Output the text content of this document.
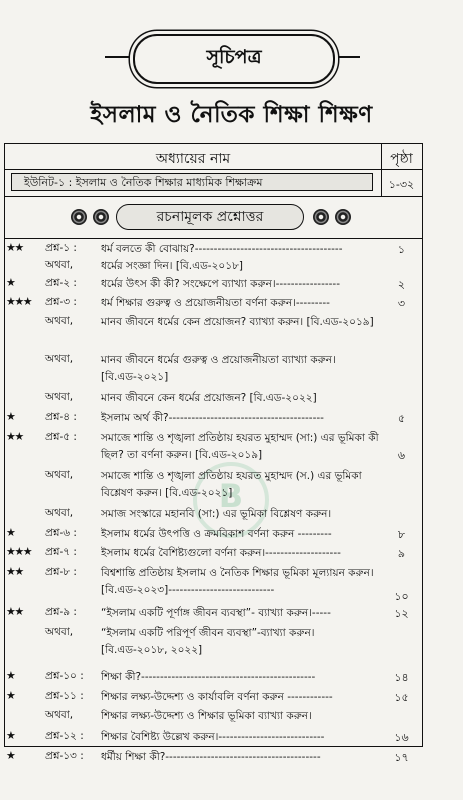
সূচিপত্র
ইসলাম ও নৈতিক শিক্ষা শিক্ষণ
অধ্যায়ের নাম	পৃষ্ঠা
ইউনিট-১ : ইসলাম ও নৈতিক শিক্ষার মাধ্যমিক শিক্ষাক্রম	১-৩২
রচনামূলক প্রশ্নোত্তর
B
★★ প্রশ্ন-১ : ধর্ম বলতে কী বোঝায়?---------------------------------------	১
অথবা,	ধর্মের সংজ্ঞা দিন। [বি.এড-২০১৮]
★	প্রশ্ন-২ : ধর্মের উৎস কী কী? সংক্ষেপে ব্যাখ্যা করুন।-----------------	২
★★★ প্রশ্ন-৩ : ধর্ম শিক্ষার গুরুত্ব ও প্রয়োজনীয়তা বর্ণনা করুন।---------	৩
অথবা,	মানব জীবনে ধর্মের কেন প্রয়োজন? ব্যাখ্যা করুন। [বি.এড-২০১৯]
অথবা,	মানব জীবনে ধর্মের গুরুত্ব ও প্রয়োজনীয়তা ব্যাখ্যা করুন। [বি.এড-২০২১]
অথবা,	মানব জীবনে কেন ধর্মের প্রয়োজন? [বি.এড-২০২২]
★	প্রশ্ন-৪ : ইসলাম অর্থ কী?-----------------------------------------	৫
★★ প্রশ্ন-৫ : সমাজে শান্তি ও শৃঙ্খলা প্রতিষ্ঠায় হযরত মুহাম্মদ (সা:) এর ভূমিকা কী ছিল? তা বর্ণনা করুন। [বি.এড-২০১৯]	৬
অথবা,	সমাজে শান্তি ও শৃঙ্খলা প্রতিষ্ঠায় হযরত মুহাম্মদ (স.) এর ভূমিকা বিশ্লেষণ করুন। [বি.এড-২০২১]
অথবা,	সমাজ সংস্কারে মহানবি (সা:) এর ভূমিকা বিশ্লেষণ করুন।
★	প্রশ্ন-৬ : ইসলাম ধর্মের উৎপত্তি ও ক্রমবিকাশ বর্ণনা করুন ---------	৮
★★★ প্রশ্ন-৭ : ইসলাম ধর্মের বৈশিষ্ট্যগুলো বর্ণনা করুন।--------------------	৯
★★ প্রশ্ন-৮ : বিশ্বশান্তি প্রতিষ্ঠায় ইসলাম ও নৈতিক শিক্ষার ভূমিকা মূল্যায়ন করুন। [বি.এড-২০২৩]----------------------------	১০
★★ প্রশ্ন-৯ : “ইসলাম একটি পূর্ণাঙ্গ জীবন ব্যবস্থা”- ব্যাখ্যা করুন।-----	১২
অথবা,	“ইসলাম একটি পরিপূর্ণ জীবন ব্যবস্থা”-ব্যাখ্যা করুন। [বি.এড-২০১৮, ২০২২]
★	প্রশ্ন-১০ : শিক্ষা কী?----------------------------------------------	১৪
★	প্রশ্ন-১১ : শিক্ষার লক্ষ্য-উদ্দেশ্য ও কার্যাবলি বর্ণনা করুন ------------	১৫
অথবা,	শিক্ষার লক্ষ্য-উদ্দেশ্য ও শিক্ষার ভূমিকা ব্যাখ্যা করুন।
★	প্রশ্ন-১২ : শিক্ষার বৈশিষ্ট্য উল্লেখ করুন।----------------------------	১৬
★	প্রশ্ন-১৩ : ধর্মীয় শিক্ষা কী?-----------------------------------------	১৭
